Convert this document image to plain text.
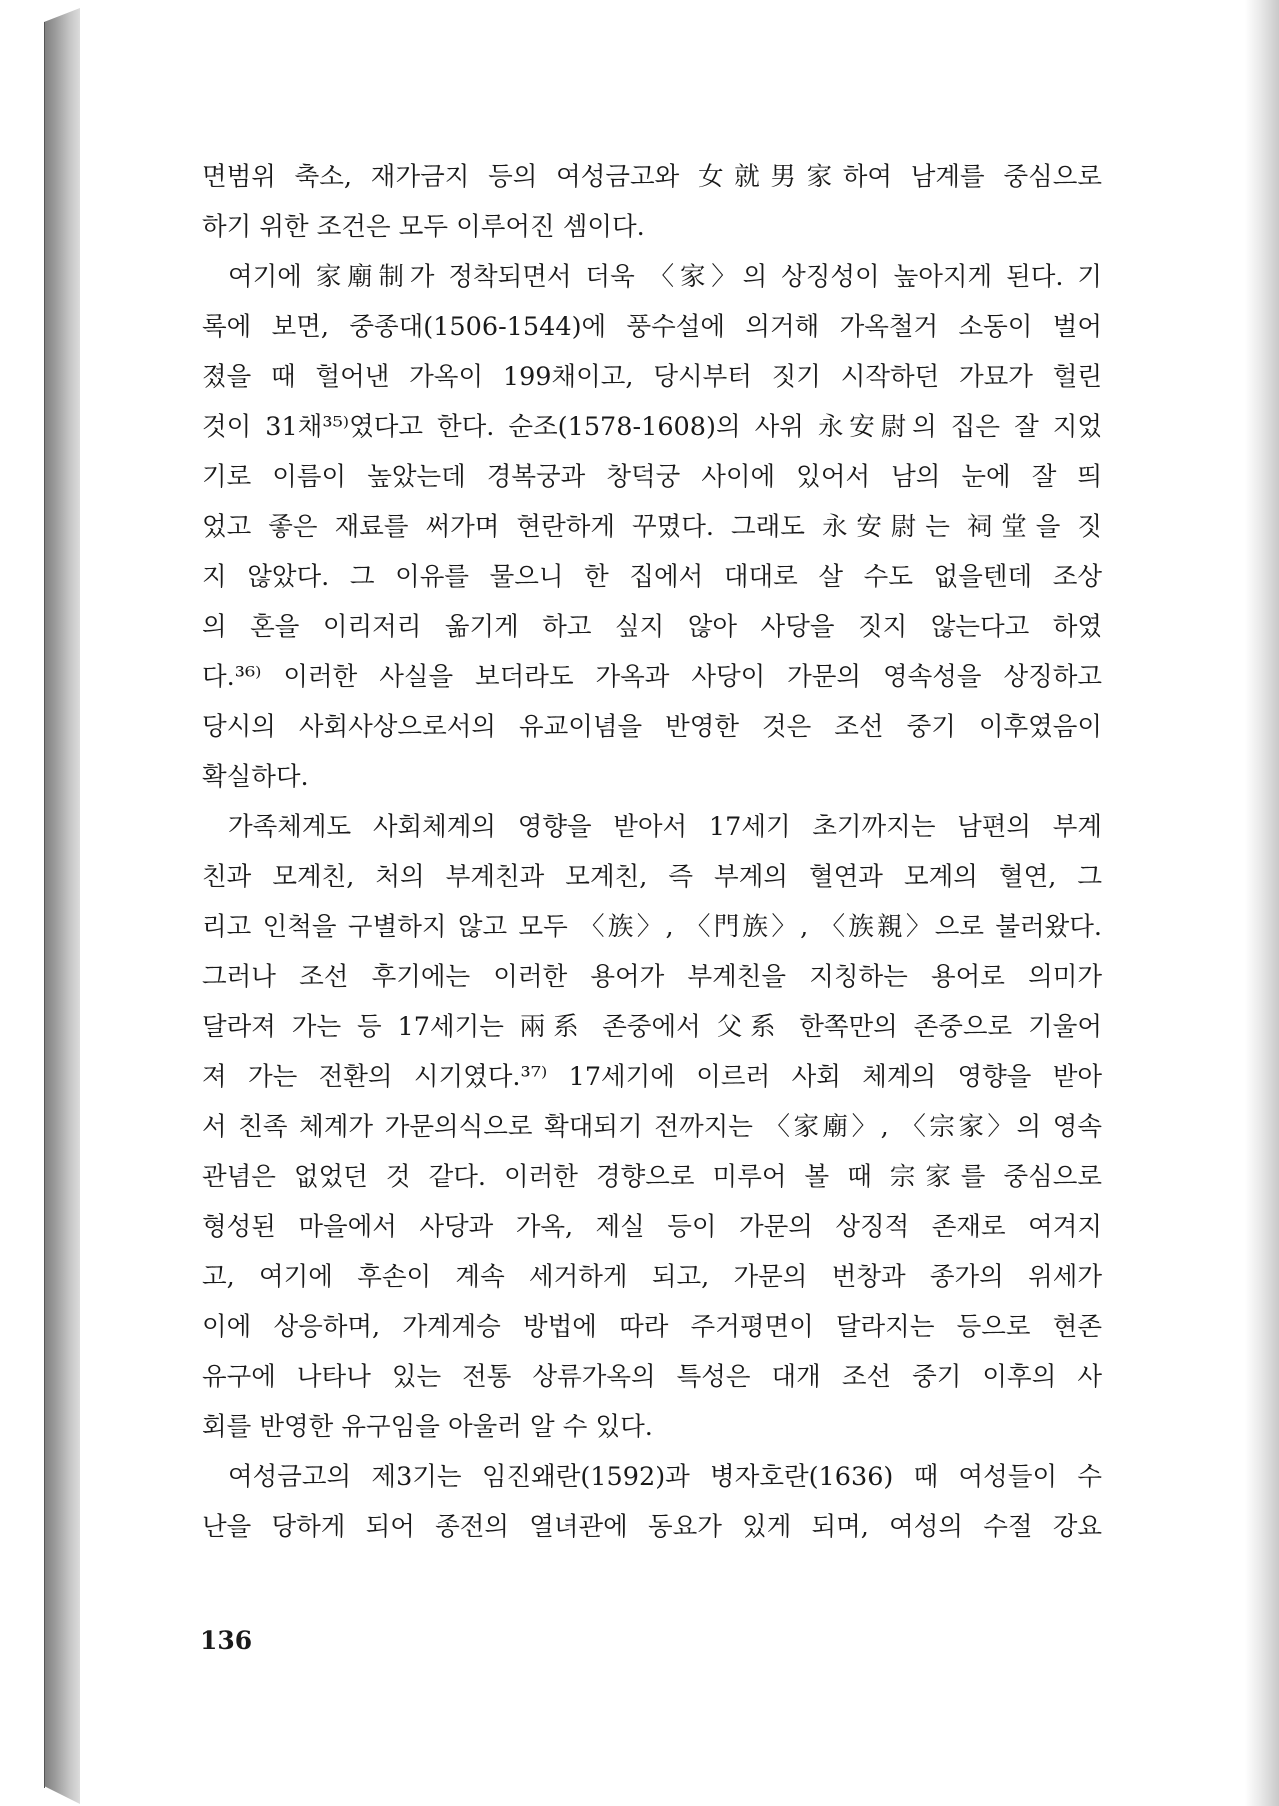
면범위 축소, 재가금지 등의 여성금고와 女就男家하여 남계를 중심으로
하기 위한 조건은 모두 이루어진 셈이다.
여기에 家廟制가 정착되면서 더욱 〈家〉의 상징성이 높아지게 된다. 기
록에 보면, 중종대(1506-1544)에 풍수설에 의거해 가옥철거 소동이 벌어
졌을 때 헐어낸 가옥이 199채이고, 당시부터 짓기 시작하던 가묘가 헐린
것이 31채³⁵⁾였다고 한다. 순조(1578-1608)의 사위 永安尉의 집은 잘 지었
기로 이름이 높았는데 경복궁과 창덕궁 사이에 있어서 남의 눈에 잘 띄
었고 좋은 재료를 써가며 현란하게 꾸몄다. 그래도 永安尉는 祠堂을 짓
지 않았다. 그 이유를 물으니 한 집에서 대대로 살 수도 없을텐데 조상
의 혼을 이리저리 옮기게 하고 싶지 않아 사당을 짓지 않는다고 하였
다.³⁶⁾ 이러한 사실을 보더라도 가옥과 사당이 가문의 영속성을 상징하고
당시의 사회사상으로서의 유교이념을 반영한 것은 조선 중기 이후였음이
확실하다.
가족체계도 사회체계의 영향을 받아서 17세기 초기까지는 남편의 부계
친과 모계친, 처의 부계친과 모계친, 즉 부계의 혈연과 모계의 혈연, 그
리고 인척을 구별하지 않고 모두 〈族〉, 〈門族〉, 〈族親〉으로 불러왔다.
그러나 조선 후기에는 이러한 용어가 부계친을 지칭하는 용어로 의미가
달라져 가는 등 17세기는 兩系 존중에서 父系 한쪽만의 존중으로 기울어
져 가는 전환의 시기였다.³⁷⁾ 17세기에 이르러 사회 체계의 영향을 받아
서 친족 체계가 가문의식으로 확대되기 전까지는 〈家廟〉, 〈宗家〉의 영속
관념은 없었던 것 같다. 이러한 경향으로 미루어 볼 때 宗家를 중심으로
형성된 마을에서 사당과 가옥, 제실 등이 가문의 상징적 존재로 여겨지
고, 여기에 후손이 계속 세거하게 되고, 가문의 번창과 종가의 위세가
이에 상응하며, 가계계승 방법에 따라 주거평면이 달라지는 등으로 현존
유구에 나타나 있는 전통 상류가옥의 특성은 대개 조선 중기 이후의 사
회를 반영한 유구임을 아울러 알 수 있다.
여성금고의 제3기는 임진왜란(1592)과 병자호란(1636) 때 여성들이 수
난을 당하게 되어 종전의 열녀관에 동요가 있게 되며, 여성의 수절 강요
136
